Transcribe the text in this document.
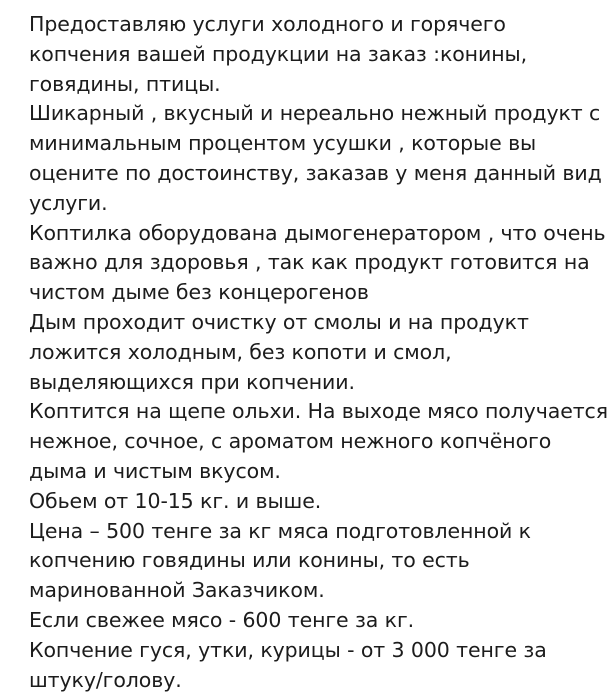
Предоставляю услуги холодного и горячего
копчения вашей продукции на заказ :конины,
говядины, птицы.
Шикарный , вкусный и нереально нежный продукт с
минимальным процентом усушки , которые вы
оцените по достоинству, заказав у меня данный вид
услуги.
Коптилка оборудована дымогенератором , что очень
важно для здоровья , так как продукт готовится на
чистом дыме без концерогенов
Дым проходит очистку от смолы и на продукт
ложится холодным, без копоти и смол,
выделяющихся при копчении.
Коптится на щепе ольхи. На выходе мясо получается
нежное, сочное, с ароматом нежного копчёного
дыма и чистым вкусом.
Обьем от 10-15 кг. и выше.
Цена – 500 тенге за кг мяса подготовленной к
копчению говядины или конины, то есть
маринованной Заказчиком.
Если свежее мясо - 600 тенге за кг.
Копчение гуся, утки, курицы - от 3 000 тенге за
штуку/голову.
